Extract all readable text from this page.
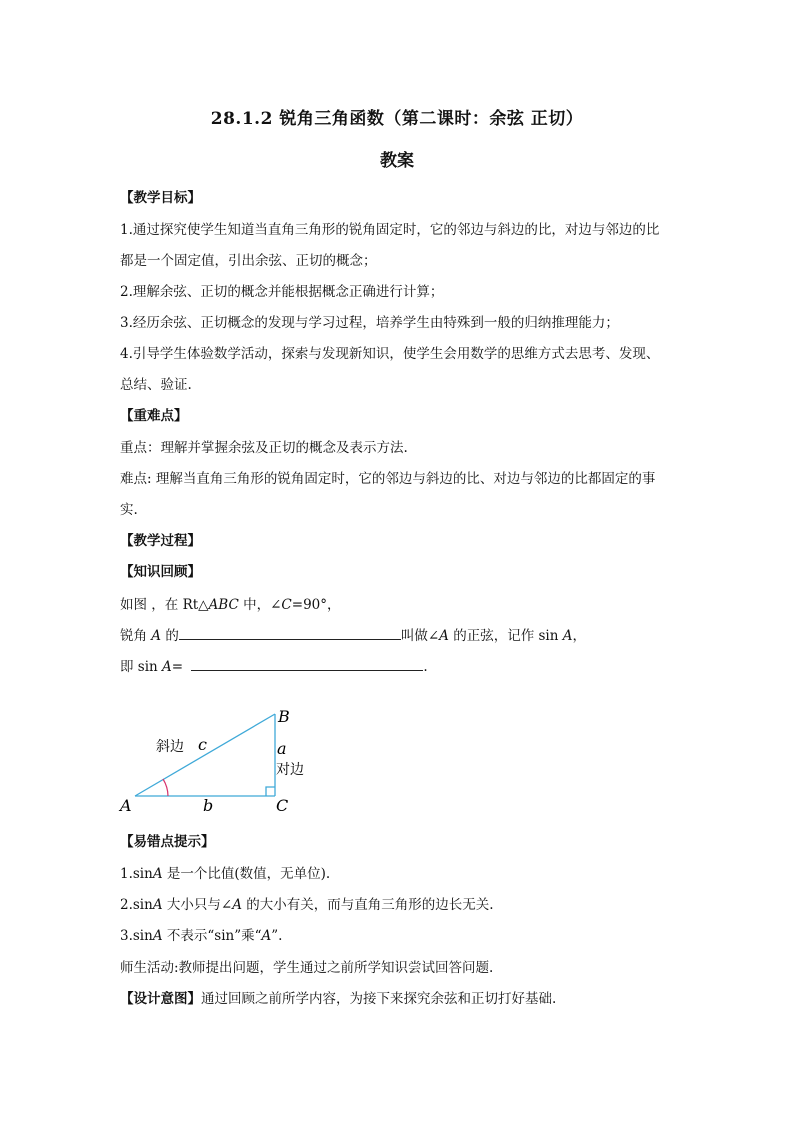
28.1.2 锐角三角函数（第二课时：余弦 正切）
教案
【教学目标】
1.通过探究使学生知道当直角三角形的锐角固定时，它的邻边与斜边的比，对边与邻边的比
都是一个固定值，引出余弦、正切的概念；
2.理解余弦、正切的概念并能根据概念正确进行计算；
3.经历余弦、正切概念的发现与学习过程，培养学生由特殊到一般的归纳推理能力；
4.引导学生体验数学活动，探索与发现新知识，使学生会用数学的思维方式去思考、发现、
总结、验证.
【重难点】
重点：理解并掌握余弦及正切的概念及表示方法.
难点: 理解当直角三角形的锐角固定时，它的邻边与斜边的比、对边与邻边的比都固定的事
实.
【教学过程】
【知识回顾】
如图 ，在 Rt△ABC 中，∠C=90°，
锐角 A 的	叫做∠A 的正弦，记作 sin A，
即 sin A=	.
A
B
C
a
b
c
斜边
对边
【易错点提示】
1.sinA 是一个比值(数值，无单位).
2.sinA 大小只与∠A 的大小有关，而与直角三角形的边长无关.
3.sinA 不表示“sin”乘“A”.
师生活动:教师提出问题，学生通过之前所学知识尝试回答问题.
【设计意图】通过回顾之前所学内容，为接下来探究余弦和正切打好基础.
